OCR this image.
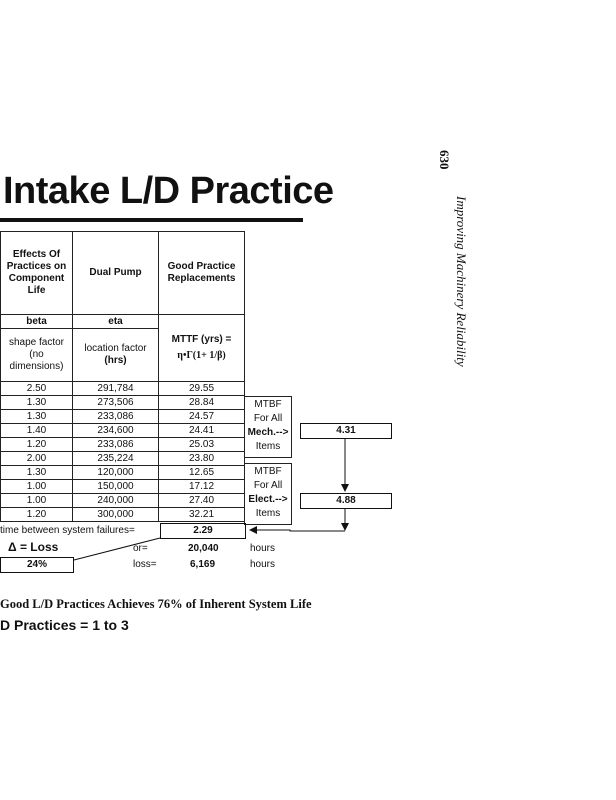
630
Improving Machinery Reliability
Intake L/D Practice
Effects Of Practices on Component Life	Dual Pump	Good Practice Replacements
beta	eta	MTTF (yrs) =
η•Γ(1+ 1/β)

shape factor (no dimensions)	location factor
(hrs)	

2.50	291,784	29.55
1.30	273,506	28.84
1.30	233,086	24.57
1.40	234,600	24.41
1.20	233,086	25.03
2.00	235,224	23.80
1.30	120,000	12.65
1.00	150,000	17.12
1.00	240,000	27.40
1.20	300,000	32.21
MTBF
For All
Mech.-->
Items
4.31
MTBF
For All
Elect.-->
Items
4.88
time between system failures=	2.29
Δ = Loss	or=	20,040	hours
24%	loss=	6,169	hours
Good L/D Practices Achieves 76% of Inherent System Life
D Practices = 1 to 3
